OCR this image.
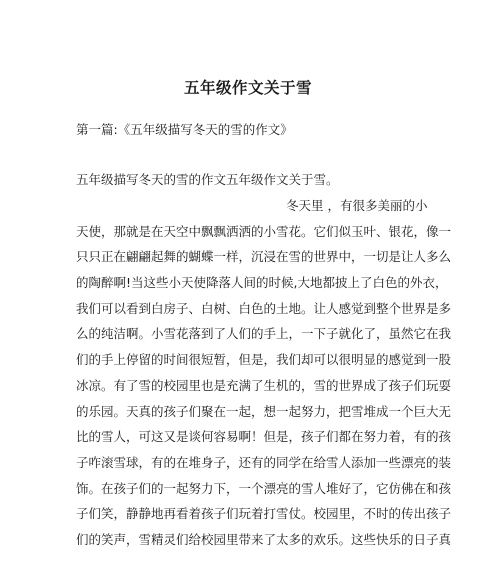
五年级作文关于雪

第一篇:《五年级描写冬天的雪的作文》

五年级描写冬天的雪的作文五年级作文关于雪。

冬天里 ，有很多美丽的小
天使，那就是在天空中飘飘洒洒的小雪花。它们似玉叶、银花，像一
只只正在翩翩起舞的蝴蝶一样，沉浸在雪的世界中，一切是让人多么
的陶醉啊!当这些小天使降落人间的时候,大地都披上了白色的外衣，
我们可以看到白房子、白树、白色的土地。让人感觉到整个世界是多
么的纯洁啊。小雪花落到了人们的手上，一下子就化了，虽然它在我
们的手上停留的时间很短暂，但是，我们却可以很明显的感觉到一股
冰凉。有了雪的校园里也是充满了生机的，雪的世界成了孩子们玩耍
的乐园。天真的孩子们聚在一起，想一起努力，把雪堆成一个巨大无
比的雪人，可这又是谈何容易啊！但是，孩子们都在努力着，有的孩
子咋滚雪球，有的在堆身子，还有的同学在给雪人添加一些漂亮的装
饰。在孩子们的一起努力下，一个漂亮的雪人堆好了，它仿佛在和孩
子们笑，静静地再看着孩子们玩着打雪仗。校园里，不时的传出孩子
们的笑声，雪精灵们给校园里带来了太多的欢乐。这些快乐的日子真
